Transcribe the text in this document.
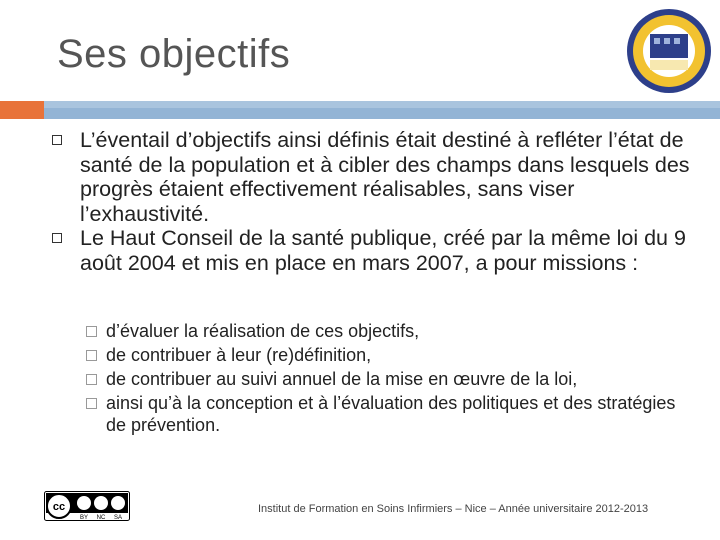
Ses objectifs
L’éventail d’objectifs ainsi définis était destiné à refléter l’état de santé de la population et à cibler des champs dans lesquels des progrès étaient effectivement réalisables, sans viser l’exhaustivité.
Le Haut Conseil de la santé publique, créé par la même loi du 9 août 2004 et mis en place en mars 2007, a pour missions :
d’évaluer la réalisation de ces objectifs,
de contribuer à leur (re)définition,
de contribuer au suivi annuel de la mise en œuvre de la loi,
ainsi qu’à la conception et à l’évaluation des politiques et des stratégies de prévention.
cc
BY NC SA
Institut de Formation en Soins Infirmiers – Nice – Année universitaire 2012-2013
